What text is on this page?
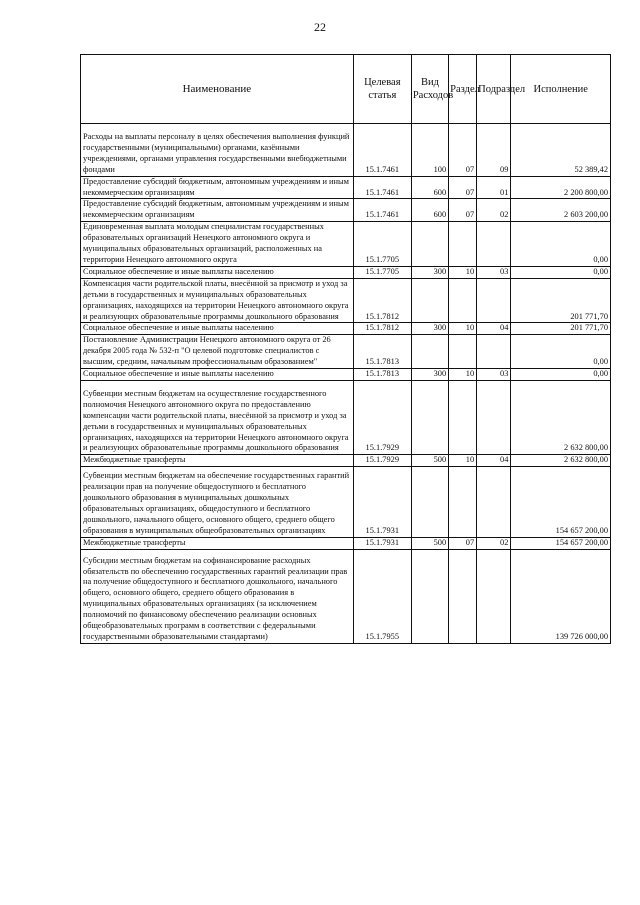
22
Наименование	Целевая статья	Вид Расходов	Раздел	Подраздел	Исполнение
Расходы на выплаты персоналу в целях обеспечения выполнения функций государственными (муниципальными) органами, казёнными учреждениями, органами управления государственными внебюджетными фондами	15.1.7461	100	07	09	52 389,42
Предоставление субсидий бюджетным, автономным учреждениям и иным некоммерческим организациям	15.1.7461	600	07	01	2 200 800,00
Предоставление субсидий бюджетным, автономным учреждениям и иным некоммерческим организациям	15.1.7461	600	07	02	2 603 200,00
Единовременная выплата молодым специалистам государственных образовательных организаций Ненецкого автономного округа и муниципальных образовательных организаций, расположенных на территории Ненецкого автономного округа	15.1.7705				0,00
Социальное обеспечение и иные выплаты населению	15.1.7705	300	10	03	0,00
Компенсация части родительской платы, внесённой за присмотр и уход за детьми в государственных и муниципальных образовательных организациях, находящихся на территории Ненецкого автономного округа и реализующих образовательные программы дошкольного образования	15.1.7812				201 771,70
Социальное обеспечение и иные выплаты населению	15.1.7812	300	10	04	201 771,70
Постановление Администрации Ненецкого автономного округа от 26 декабря 2005 года № 532-п "О целевой подготовке специалистов с высшим, средним, начальным профессиональным образованием"	15.1.7813				0,00
Социальное обеспечение и иные выплаты населению	15.1.7813	300	10	03	0,00
Субвенции местным бюджетам на осуществление государственного полномочия Ненецкого автономного округа по предоставлению компенсации части родительской платы, внесённой за присмотр и уход за детьми в государственных и муниципальных образовательных организациях, находящихся на территории Ненецкого автономного округа и реализующих образовательные программы дошкольного образования	15.1.7929				2 632 800,00
Межбюджетные трансферты	15.1.7929	500	10	04	2 632 800,00
Субвенции местным бюджетам на обеспечение государственных гарантий реализации прав на получение общедоступного и бесплатного дошкольного образования в муниципальных дошкольных образовательных организациях, общедоступного и бесплатного дошкольного, начального общего, основного общего, среднего общего образования в муниципальных общеобразовательных организациях	15.1.7931				154 657 200,00
Межбюджетные трансферты	15.1.7931	500	07	02	154 657 200,00
Субсидии местным бюджетам на софинансирование расходных обязательств по обеспечению государственных гарантий реализации прав на получение общедоступного и бесплатного дошкольного, начального общего, основного общего, среднего общего образования в муниципальных образовательных организациях (за исключением полномочий по финансовому обеспечению реализации основных общеобразовательных программ в соответствии с федеральными государственными образовательными стандартами)	15.1.7955				139 726 000,00
